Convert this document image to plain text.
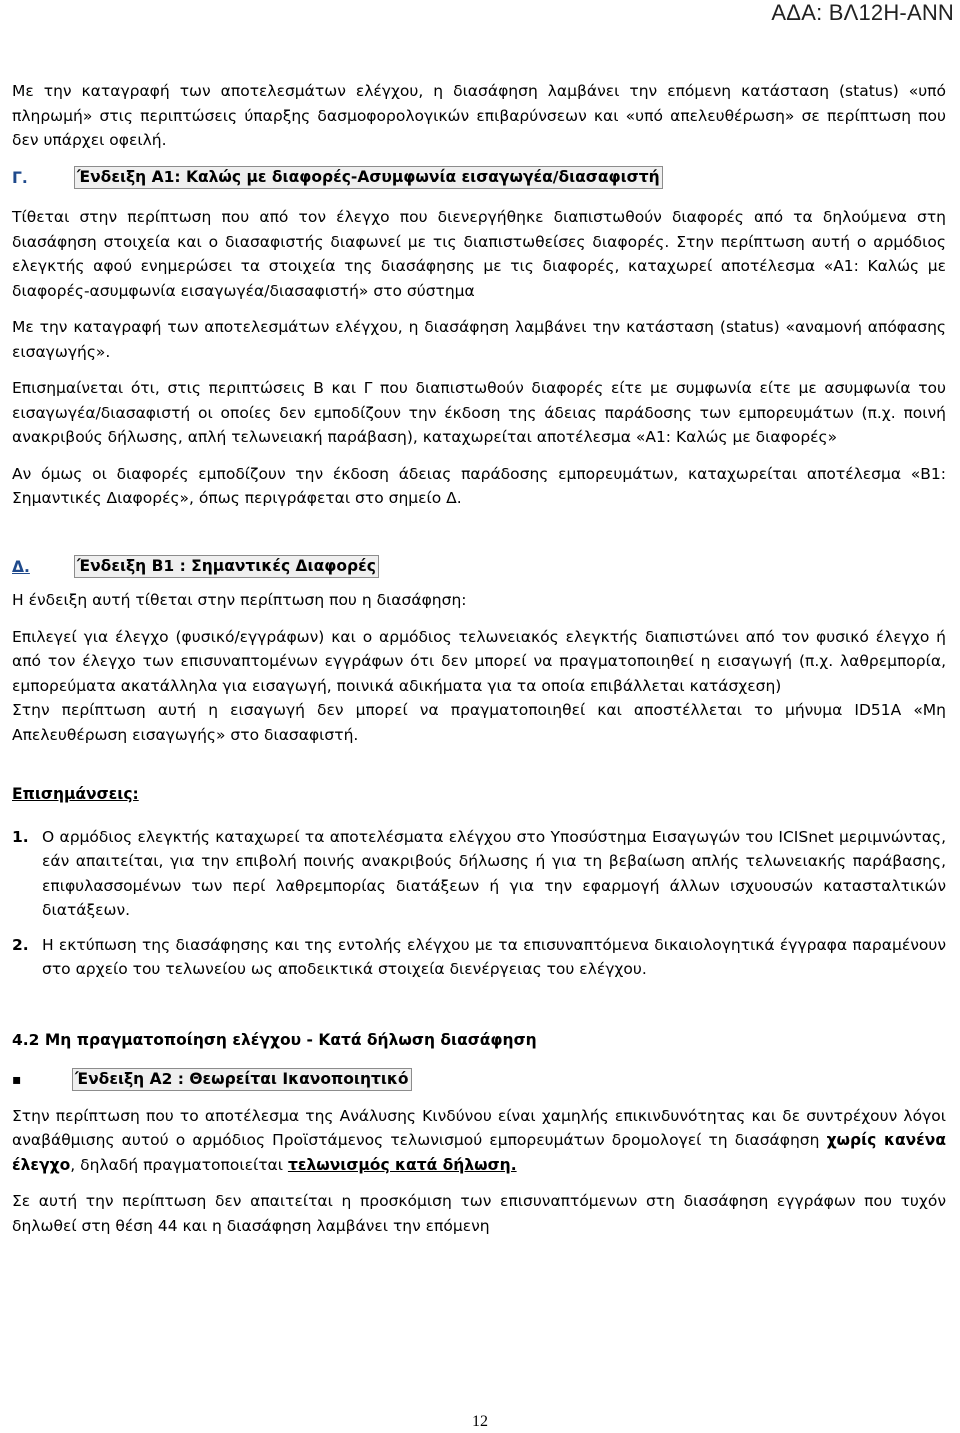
ΑΔΑ: ΒΛ12Η-ΑΝΝ

Με την καταγραφή των αποτελεσμάτων ελέγχου, η διασάφηση λαμβάνει την επόμενη κατάσταση (status) «υπό πληρωμή» στις περιπτώσεις ύπαρξης δασμοφορολογικών επιβαρύνσεων και «υπό απελευθέρωση» σε περίπτωση που δεν υπάρχει οφειλή.

Γ.	Ένδειξη Α1: Καλώς με διαφορές-Ασυμφωνία εισαγωγέα/διασαφιστή

Τίθεται στην περίπτωση που από τον έλεγχο που διενεργήθηκε διαπιστωθούν διαφορές από τα δηλούμενα στη διασάφηση στοιχεία και ο διασαφιστής διαφωνεί με τις διαπιστωθείσες διαφορές. Στην περίπτωση αυτή ο αρμόδιος ελεγκτής αφού ενημερώσει τα στοιχεία της διασάφησης με τις διαφορές, καταχωρεί αποτέλεσμα «Α1: Καλώς με διαφορές-ασυμφωνία εισαγωγέα/διασαφιστή» στο σύστημα

Με την καταγραφή των αποτελεσμάτων ελέγχου, η διασάφηση λαμβάνει την κατάσταση (status) «αναμονή απόφασης εισαγωγής».

Επισημαίνεται ότι, στις περιπτώσεις Β και Γ που διαπιστωθούν διαφορές είτε με συμφωνία είτε με ασυμφωνία του εισαγωγέα/διασαφιστή οι οποίες δεν εμποδίζουν την έκδοση της άδειας παράδοσης των εμπορευμάτων (π.χ. ποινή ανακριβούς δήλωσης, απλή τελωνειακή παράβαση), καταχωρείται αποτέλεσμα «Α1: Καλώς με διαφορές»

Αν όμως οι διαφορές εμποδίζουν την έκδοση άδειας παράδοσης εμπορευμάτων, καταχωρείται αποτέλεσμα «Β1: Σημαντικές Διαφορές», όπως περιγράφεται στο σημείο Δ.

Δ.	Ένδειξη Β1 : Σημαντικές Διαφορές

Η ένδειξη αυτή τίθεται στην περίπτωση που η διασάφηση:

Επιλεγεί για έλεγχο (φυσικό/εγγράφων) και ο αρμόδιος τελωνειακός ελεγκτής διαπιστώνει από τον φυσικό έλεγχο ή από τον έλεγχο των επισυναπτομένων εγγράφων ότι δεν μπορεί να πραγματοποιηθεί η εισαγωγή (π.χ. λαθρεμπορία, εμπορεύματα ακατάλληλα για εισαγωγή, ποινικά αδικήματα για τα οποία επιβάλλεται κατάσχεση)

Στην περίπτωση αυτή η εισαγωγή δεν μπορεί να πραγματοποιηθεί και αποστέλλεται το μήνυμα ID51A «Μη Απελευθέρωση εισαγωγής» στο διασαφιστή.

Επισημάνσεις:

1. Ο αρμόδιος ελεγκτής καταχωρεί τα αποτελέσματα ελέγχου στο Υποσύστημα Εισαγωγών του ICISnet μεριμνώντας, εάν απαιτείται, για την επιβολή ποινής ανακριβούς δήλωσης ή για τη βεβαίωση απλής τελωνειακής παράβασης, επιφυλασσομένων των περί λαθρεμπορίας διατάξεων ή για την εφαρμογή άλλων ισχυουσών κατασταλτικών διατάξεων.
2. Η εκτύπωση της διασάφησης και της εντολής ελέγχου με τα επισυναπτόμενα δικαιολογητικά έγγραφα παραμένουν στο αρχείο του τελωνείου ως αποδεικτικά στοιχεία διενέργειας του ελέγχου.

4.2 Μη πραγματοποίηση ελέγχου - Κατά δήλωση διασάφηση

▪	Ένδειξη Α2 : Θεωρείται Ικανοποιητικό

Στην περίπτωση που το αποτέλεσμα της Ανάλυσης Κινδύνου είναι χαμηλής επικινδυνότητας και δε συντρέχουν λόγοι αναβάθμισης αυτού ο αρμόδιος Προϊστάμενος τελωνισμού εμπορευμάτων δρομολογεί τη διασάφηση χωρίς κανένα έλεγχο, δηλαδή πραγματοποιείται τελωνισμός κατά δήλωση.

Σε αυτή την περίπτωση δεν απαιτείται η προσκόμιση των επισυναπτόμενων στη διασάφηση εγγράφων που τυχόν δηλωθεί στη θέση 44 και η διασάφηση λαμβάνει την επόμενη

12
